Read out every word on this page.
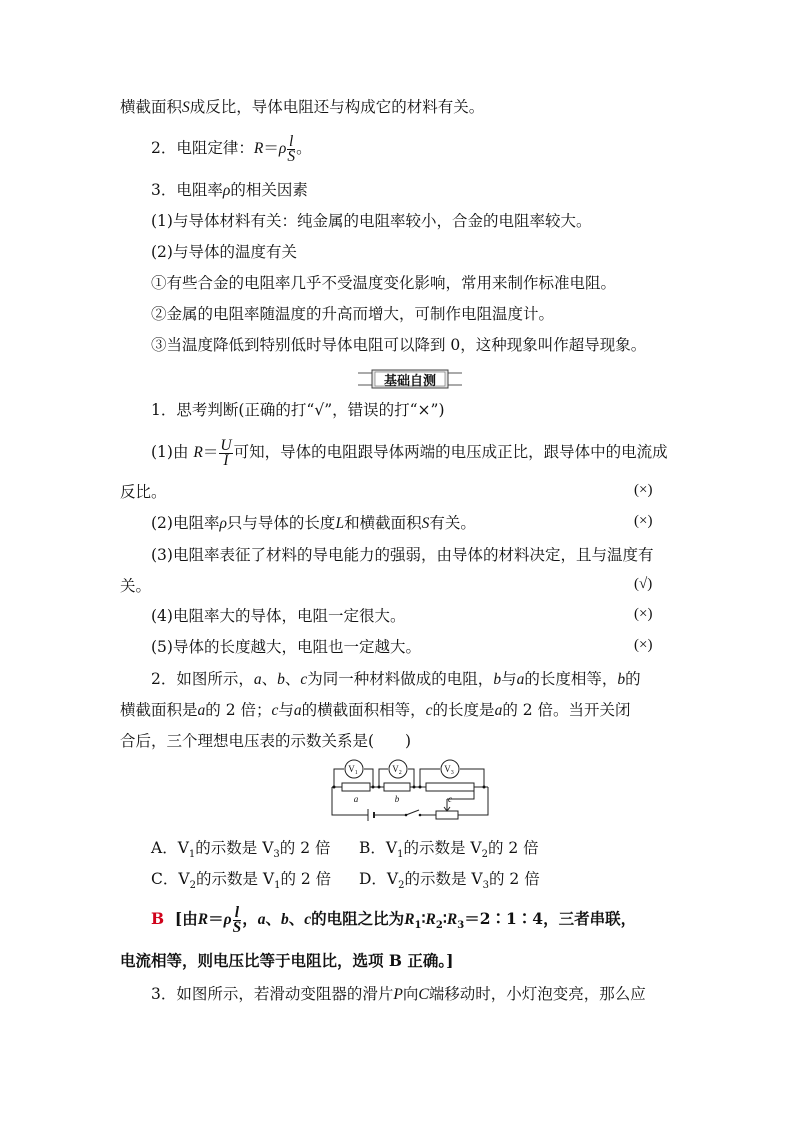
横截面积S成反比，导体电阻还与构成它的材料有关。
2．电阻定律：$R=\rho \frac{l}{S}$ 。
3．电阻率ρ的相关因素
(1)与导体材料有关：纯金属的电阻率较小，合金的电阻率较大。
(2)与导体的温度有关
①有些合金的电阻率几乎不受温度变化影响，常用来制作标准电阻。
②金属的电阻率随温度的升高而增大，可制作电阻温度计。
③当温度降低到特别低时导体电阻可以降到 0，这种现象叫作超导现象。
基础自测
1．思考判断(正确的打“√”，错误的打“×”)
(1)由 $R= \frac{U}{I}$ 可知，导体的电阻跟导体两端的电压成正比，跟导体中的电流成
反比。	(×)
(2)电阻率ρ只与导体的长度L和横截面积S有关。	(×)
(3)电阻率表征了材料的导电能力的强弱，由导体的材料决定，且与温度有
关。	(√)
(4)电阻率大的导体，电阻一定很大。	(×)
(5)导体的长度越大，电阻也一定越大。	(×)
2．如图所示，a、b、c为同一种材料做成的电阻，b与a的长度相等，b的
横截面积是a的 2 倍；c与a的横截面积相等，c的长度是a的 2 倍。当开关闭
合后，三个理想电压表的示数关系是(　　)
$V_1$	$V_2$	$V_3$
a	b	c
A．$V_1$的示数是 $V_3$的 2 倍 B．$V_1$的示数是 $V_2$的 2 倍
C．$V_2$的示数是 $V_1$的 2 倍 D．$V_2$的示数是 $V_3$的 2 倍
B [由$R=\rho \frac{l}{S}$ ，a、b、c的电阻之比为$R_1∶R_2∶R_3=2∶1∶4$，三者串联，
电流相等，则电压比等于电阻比，选项 B 正确。]
3．如图所示，若滑动变阻器的滑片P向C端移动时，小灯泡变亮，那么应
